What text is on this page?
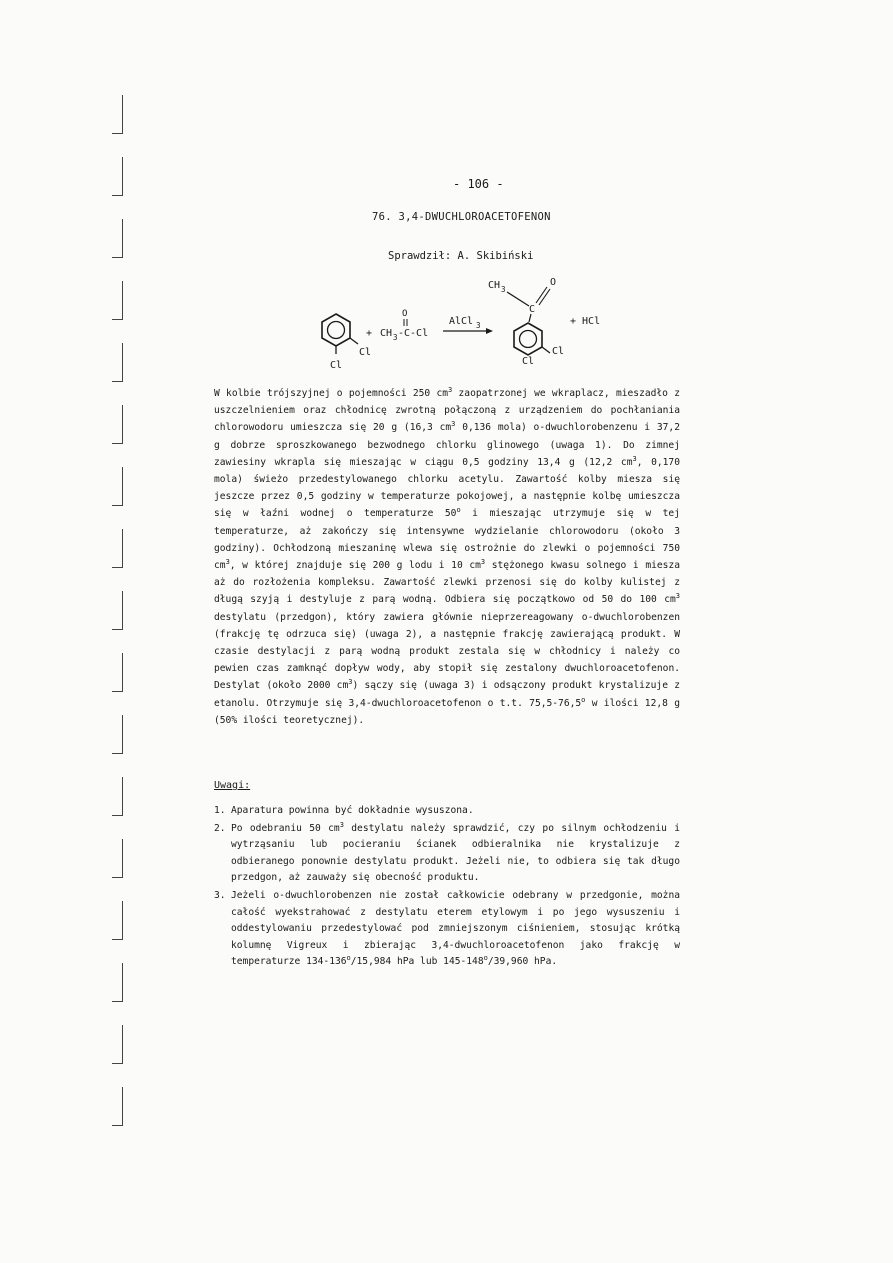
- 106 -
76. 3,4-DWUCHLOROACETOFENON
Sprawdził: A. Skibiński
Cl
Cl
+
O
CH 3 -C-Cl
AlCl 3
CH 3
C
O
Cl
Cl
+ HCl
W kolbie trójszyjnej o pojemności 250 $cm^3$ zaopatrzonej we wkraplacz, mieszadło z uszczelnieniem oraz chłodnicę zwrotną połączoną z urządzeniem do pochłaniania chlorowodoru umieszcza się 20 g (16,3 $cm^3$ 0,136 mola) o-dwuchlorobenzenu i 37,2 g dobrze sproszkowanego bezwodnego chlorku glinowego (uwaga 1). Do zimnej zawiesiny wkrapla się mieszając w ciągu 0,5 godziny 13,4 g (12,2 $cm^3$, 0,170 mola) świeżo przedestylowanego chlorku acetylu. Zawartość kolby miesza się jeszcze przez 0,5 godziny w temperaturze pokojowej, a następnie kolbę umieszcza się w łaźni wodnej o temperaturze 50$^o$ i mieszając utrzymuje się w tej temperaturze, aż zakończy się intensywne wydzielanie chlorowodoru (około 3 godziny). Ochłodzoną mieszaninę wlewa się ostrożnie do zlewki o pojemności 750 $cm^3$, w której znajduje się 200 g lodu i 10 $cm^3$ stężonego kwasu solnego i miesza aż do rozłożenia kompleksu. Zawartość zlewki przenosi się do kolby kulistej z długą szyją i destyluje z parą wodną. Odbiera się początkowo od 50 do 100 $cm^3$ destylatu (przedgon), który zawiera głównie nieprzereagowany o-dwuchlorobenzen (frakcję tę odrzuca się) (uwaga 2), a następnie frakcję zawierającą produkt. W czasie destylacji z parą wodną produkt zestala się w chłodnicy i należy co pewien czas zamknąć dopływ wody, aby stopił się zestalony dwuchloroacetofenon. Destylat (około 2000 $cm^3$) sączy się (uwaga 3) i odsączony produkt krystalizuje z etanolu. Otrzymuje się 3,4-dwuchloroacetofenon o t.t. 75,5-76,5$^o$ w ilości 12,8 g (50% ilości teoretycznej).
Uwagi:
1. Aparatura powinna być dokładnie wysuszona.
2. Po odebraniu 50 $cm^3$ destylatu należy sprawdzić, czy po silnym ochłodzeniu i wytrząsaniu lub pocieraniu ścianek odbieralnika nie krystalizuje z odbieranego ponownie destylatu produkt. Jeżeli nie, to odbiera się tak długo przedgon, aż zauważy się obecność produktu.
3. Jeżeli o-dwuchlorobenzen nie został całkowicie odebrany w przedgonie, można całość wyekstrahować z destylatu eterem etylowym i po jego wysuszeniu i oddestylowaniu przedestylować pod zmniejszonym ciśnieniem, stosując krótką kolumnę Vigreux i zbierając 3,4-dwuchloroacetofenon jako frakcję w temperaturze 134-136$^o$/15,984 hPa lub 145-148$^o$/39,960 hPa.
